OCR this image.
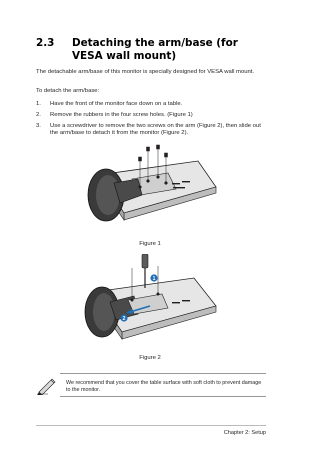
2.3 Detaching the arm/base (for VESA wall mount)
The detachable arm/base of this monitor is specially designed for VESA wall mount.
To detach the arm/base:
1. Have the front of the monitor face down on a table.
2. Remove the rubbers in the four screw holes. (Figure 1)
3. Use a screwdriver to remove the two screws on the arm (Figure 2), then slide out the arm/base to detach it from the monitor (Figure 2).
Figure 1
1
2
Figure 2
We recommend that you cover the table surface with soft cloth to prevent damage to the monitor.
Chapter 2: Setup
